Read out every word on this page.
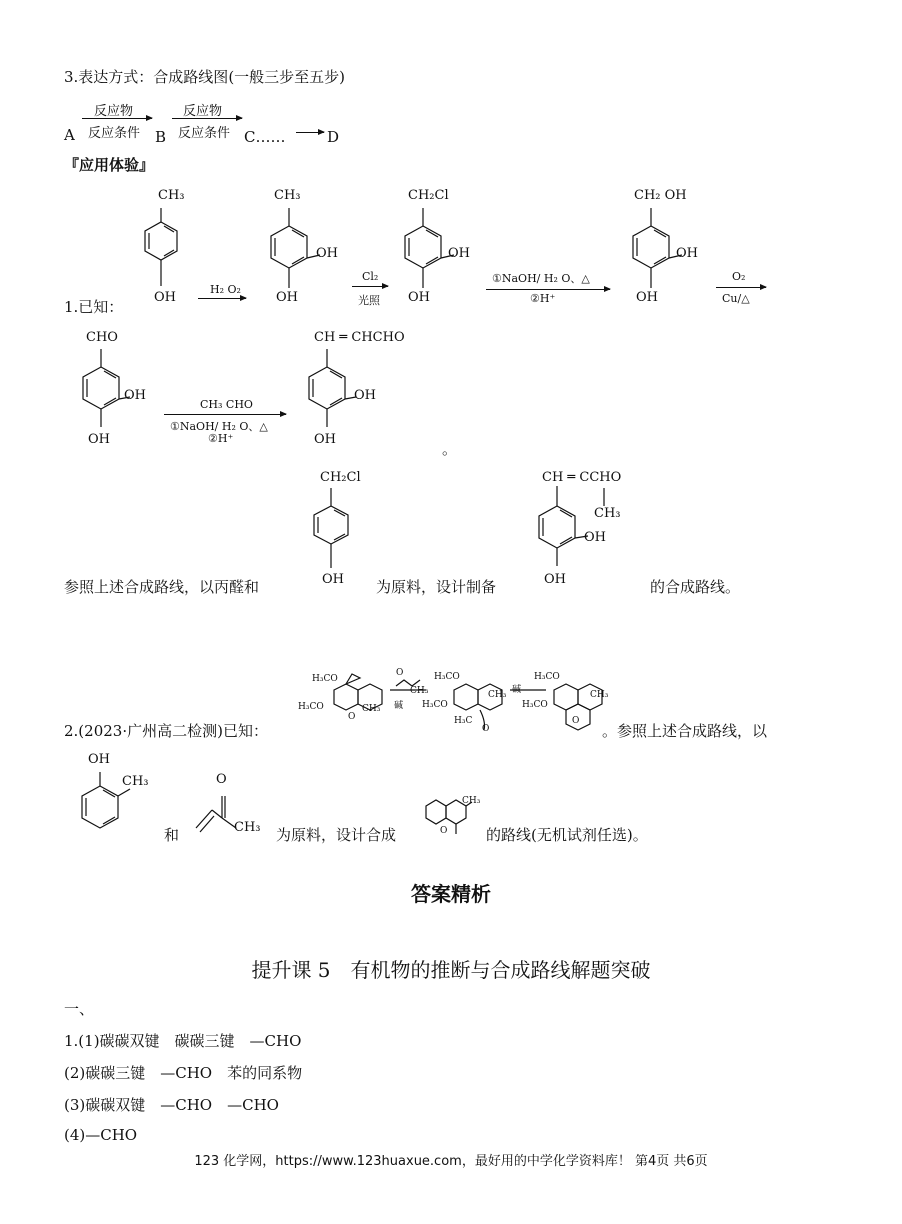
3.表达方式：合成路线图(一般三步至五步)
A
反应物
反应条件 B
反应物
反应条件 C……	D
『应用体验』
1.已知：
CH₃
OH
H₂ O₂
CH₃
OH
OH
Cl₂
光照
CH₂Cl
OH
OH
①NaOH/ H₂ O、△
②H⁺
CH₂ OH
OH
OH
O₂
Cu/△
CHO
OH
OH
CH₃ CHO
①NaOH/ H₂ O、△
②H⁺
CH ═ CHCHO
OH
OH
。
CH₂Cl
OH
CH ═ CCHO
CH₃
OH
OH
参照上述合成路线，以丙醛和	为原料，设计制备	的合成路线。
2.(2023·广州高二检测)已知：
H₃CO
H₃CO	CH₃
O
O
CH₃
碱
H₃CO
H₃CO
CH₃
H₃C
O
碱
H₃CO
H₃CO
CH₃
O
。参照上述合成路线，以
OH
CH₃
和
O
CH₃ 为原料，设计合成
CH₃
O	的路线(无机试剂任选)。
答案精析
提升课 5　有机物的推断与合成路线解题突破
一、
1.(1)碳碳双键　碳碳三键　—CHO
(2)碳碳三键　—CHO　苯的同系物
(3)碳碳双键　—CHO　—CHO
(4)—CHO
123 化学网，https://www.123huaxue.com，最好用的中学化学资料库！ 第4页 共6页
